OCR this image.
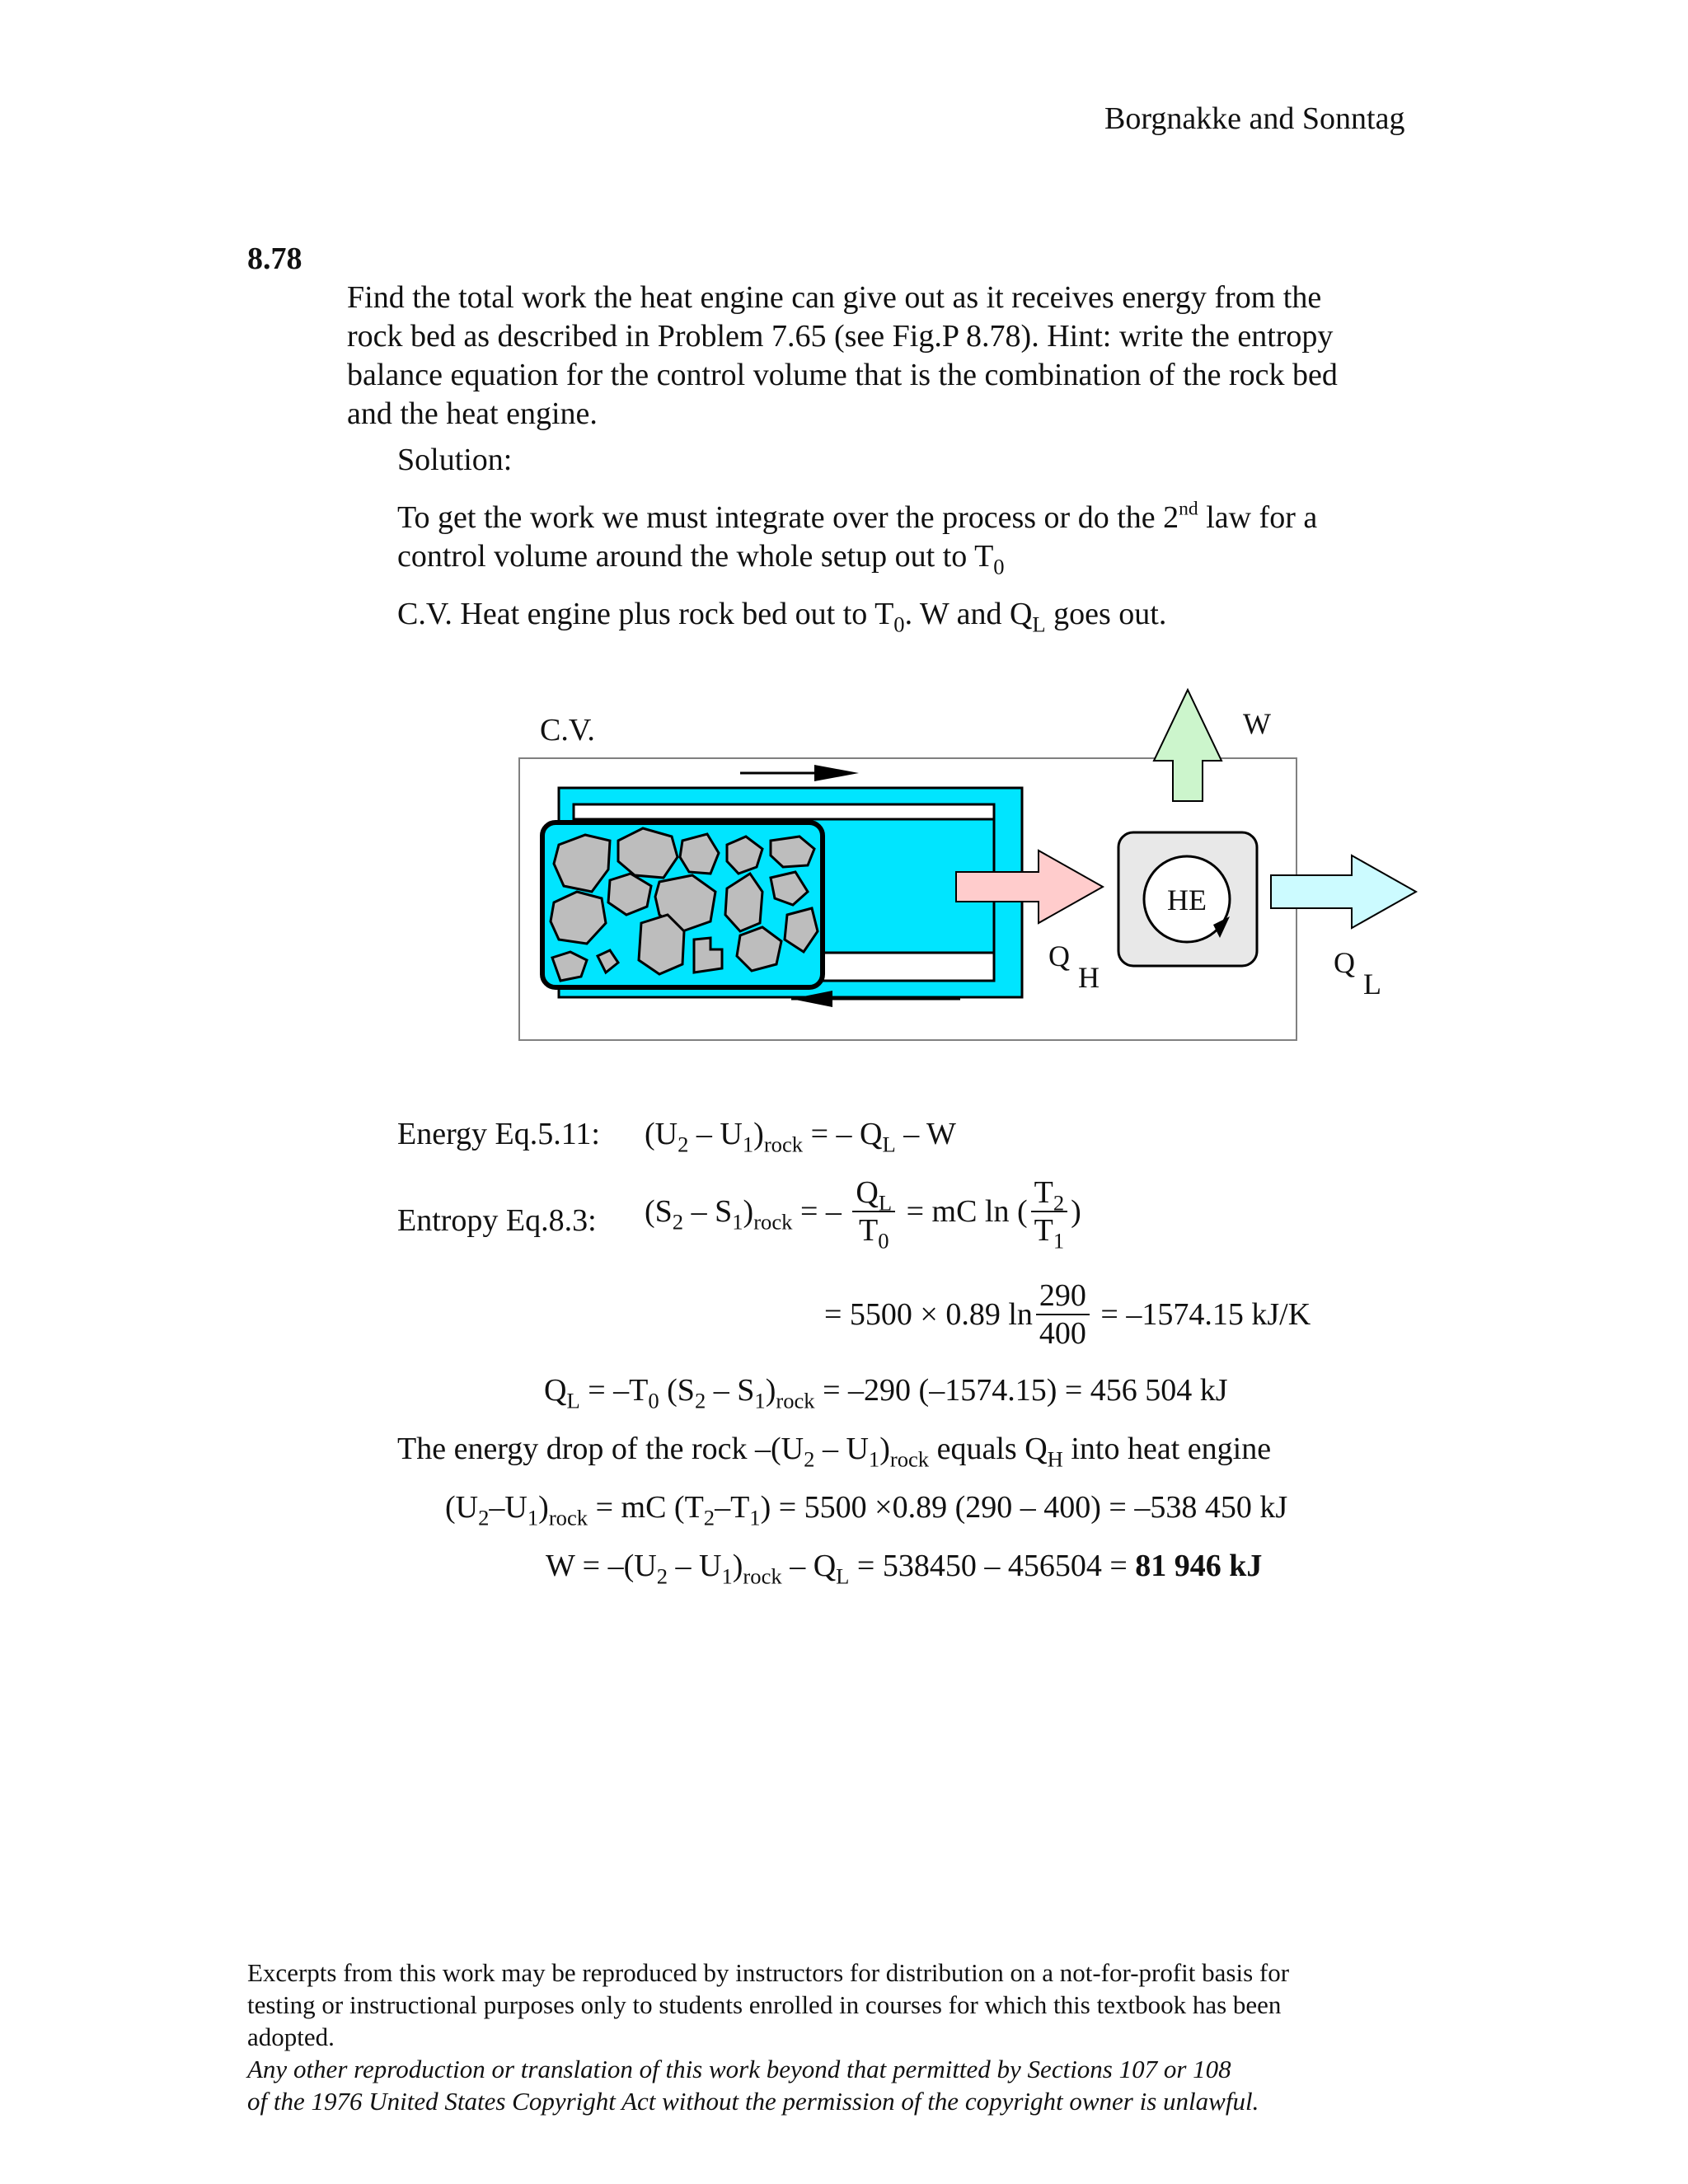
Borgnakke and Sonntag
8.78
Find the total work the heat engine can give out as it receives energy from the
rock bed as described in Problem 7.65 (see Fig.P 8.78). Hint: write the entropy
balance equation for the control volume that is the combination of the rock bed
and the heat engine.
Solution:
To get the work we must integrate over the process or do the 2nd law for a
control volume around the whole setup out to $T_0$
C.V. Heat engine plus rock bed out to $T_0$. W and $Q_L$ goes out.
C.V.
Q
H
HE
W
Q
L
Energy Eq.5.11: $(U_2 - U_1)_{rock}$ = – $Q_L$ – W
Entropy Eq.8.3: $(S_2 - S_1)_{rock}$ = – $\frac{Q_L}{T_0}$ = mC ln ( $\frac{T_2}{T_1}$ )
= 5500 × 0.89 $\ln \frac{290}{400} = -1574.15$ kJ/K
$Q_L = -T_0$ $(S_2 - S_1)_{rock} = -290$ (–1574.15) = 456 504 kJ
The energy drop of the rock $-(U_2 - U_1)_{rock}$ equals $Q_H$ into heat engine
$(U_2-U_1)_{rock}$ = mC $(T_2-T_1) = 5500 \times 0.89$ (290 – 400) = –538 450 kJ
$W = -(U_2 - U_1)_{rock} - Q_L = 538450 - 456504 = 81$ 946 kJ
Excerpts from this work may be reproduced by instructors for distribution on a not-for-profit basis for
testing or instructional purposes only to students enrolled in courses for which this textbook has been
adopted.
Any other reproduction or translation of this work beyond that permitted by Sections 107 or 108
of the 1976 United States Copyright Act without the permission of the copyright owner is unlawful.
